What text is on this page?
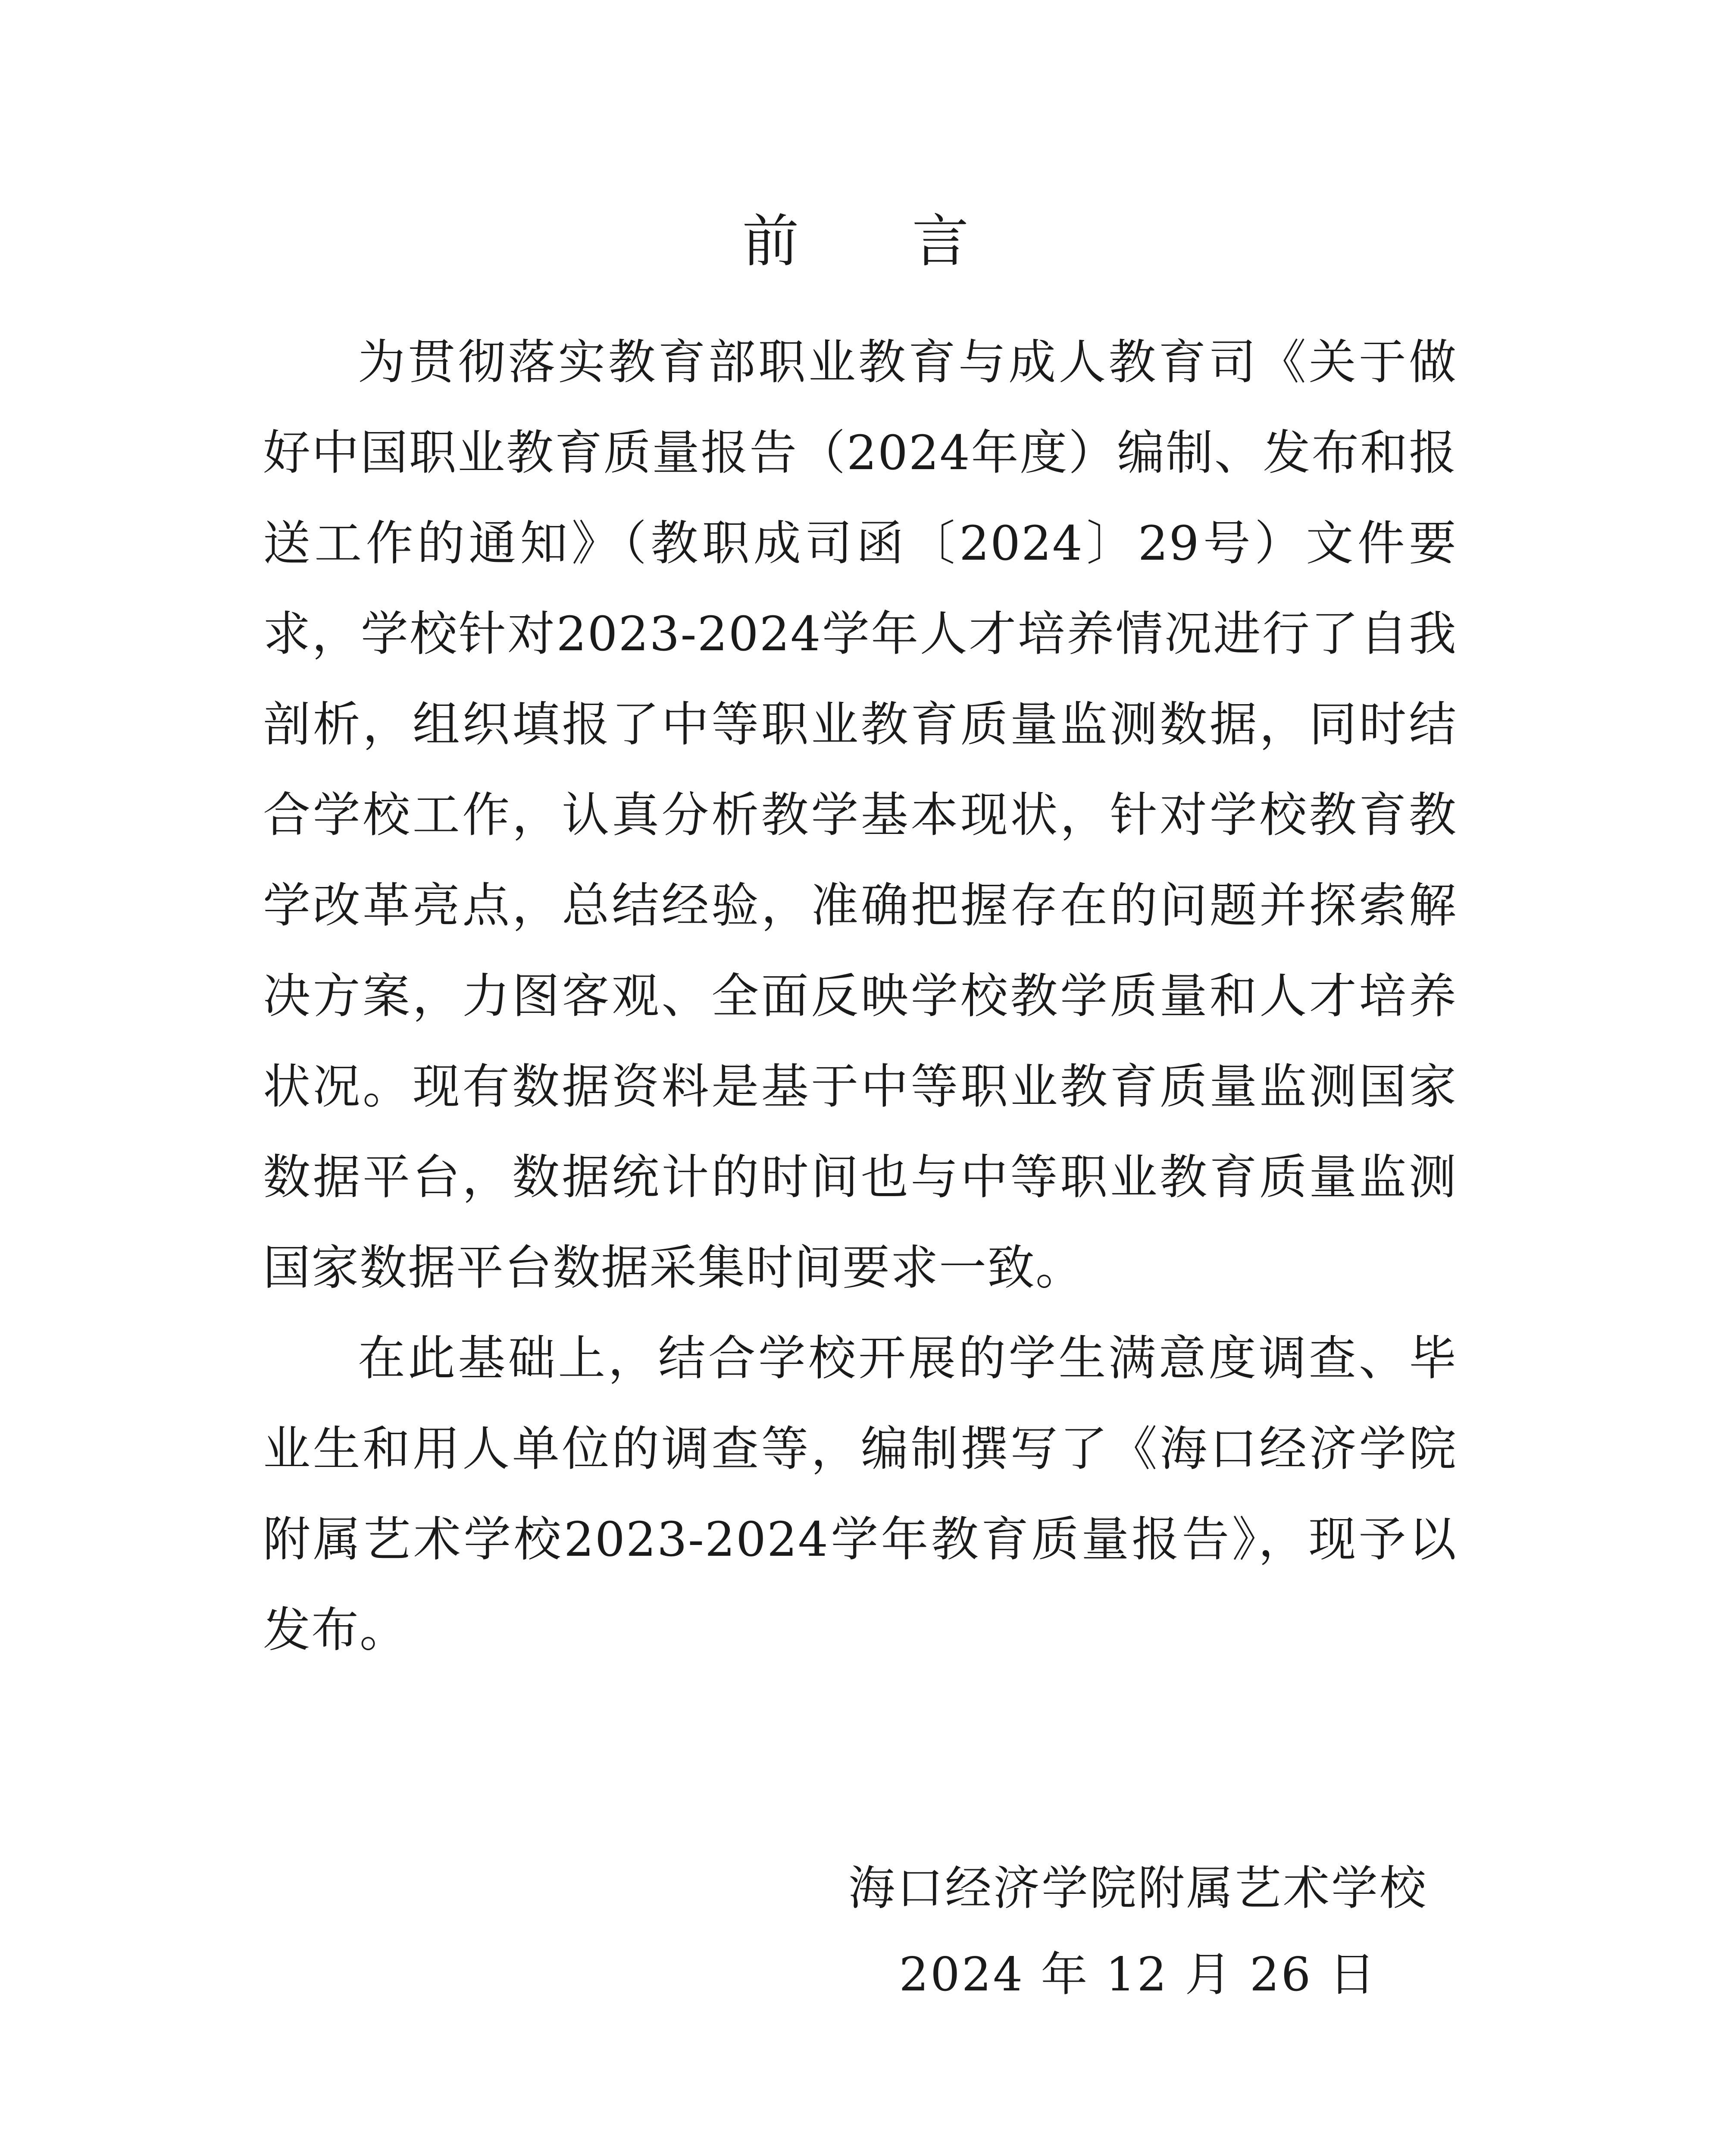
前 言

为贯彻落实教育部职业教育与成人教育司《关于做好中国职业教育质量报告（2024年度）编制、发布和报送工作的通知》（教职成司函〔2024〕29号）文件要求，学校针对2023-2024学年人才培养情况进行了自我剖析，组织填报了中等职业教育质量监测数据，同时结合学校工作，认真分析教学基本现状，针对学校教育教学改革亮点，总结经验，准确把握存在的问题并探索解决方案，力图客观、全面反映学校教学质量和人才培养状况。现有数据资料是基于中等职业教育质量监测国家数据平台，数据统计的时间也与中等职业教育质量监测国家数据平台数据采集时间要求一致。

在此基础上，结合学校开展的学生满意度调查、毕业生和用人单位的调查等，编制撰写了《海口经济学院附属艺术学校2023-2024学年教育质量报告》，现予以发布。

海口经济学院附属艺术学校
2024 年 12 月 26 日
